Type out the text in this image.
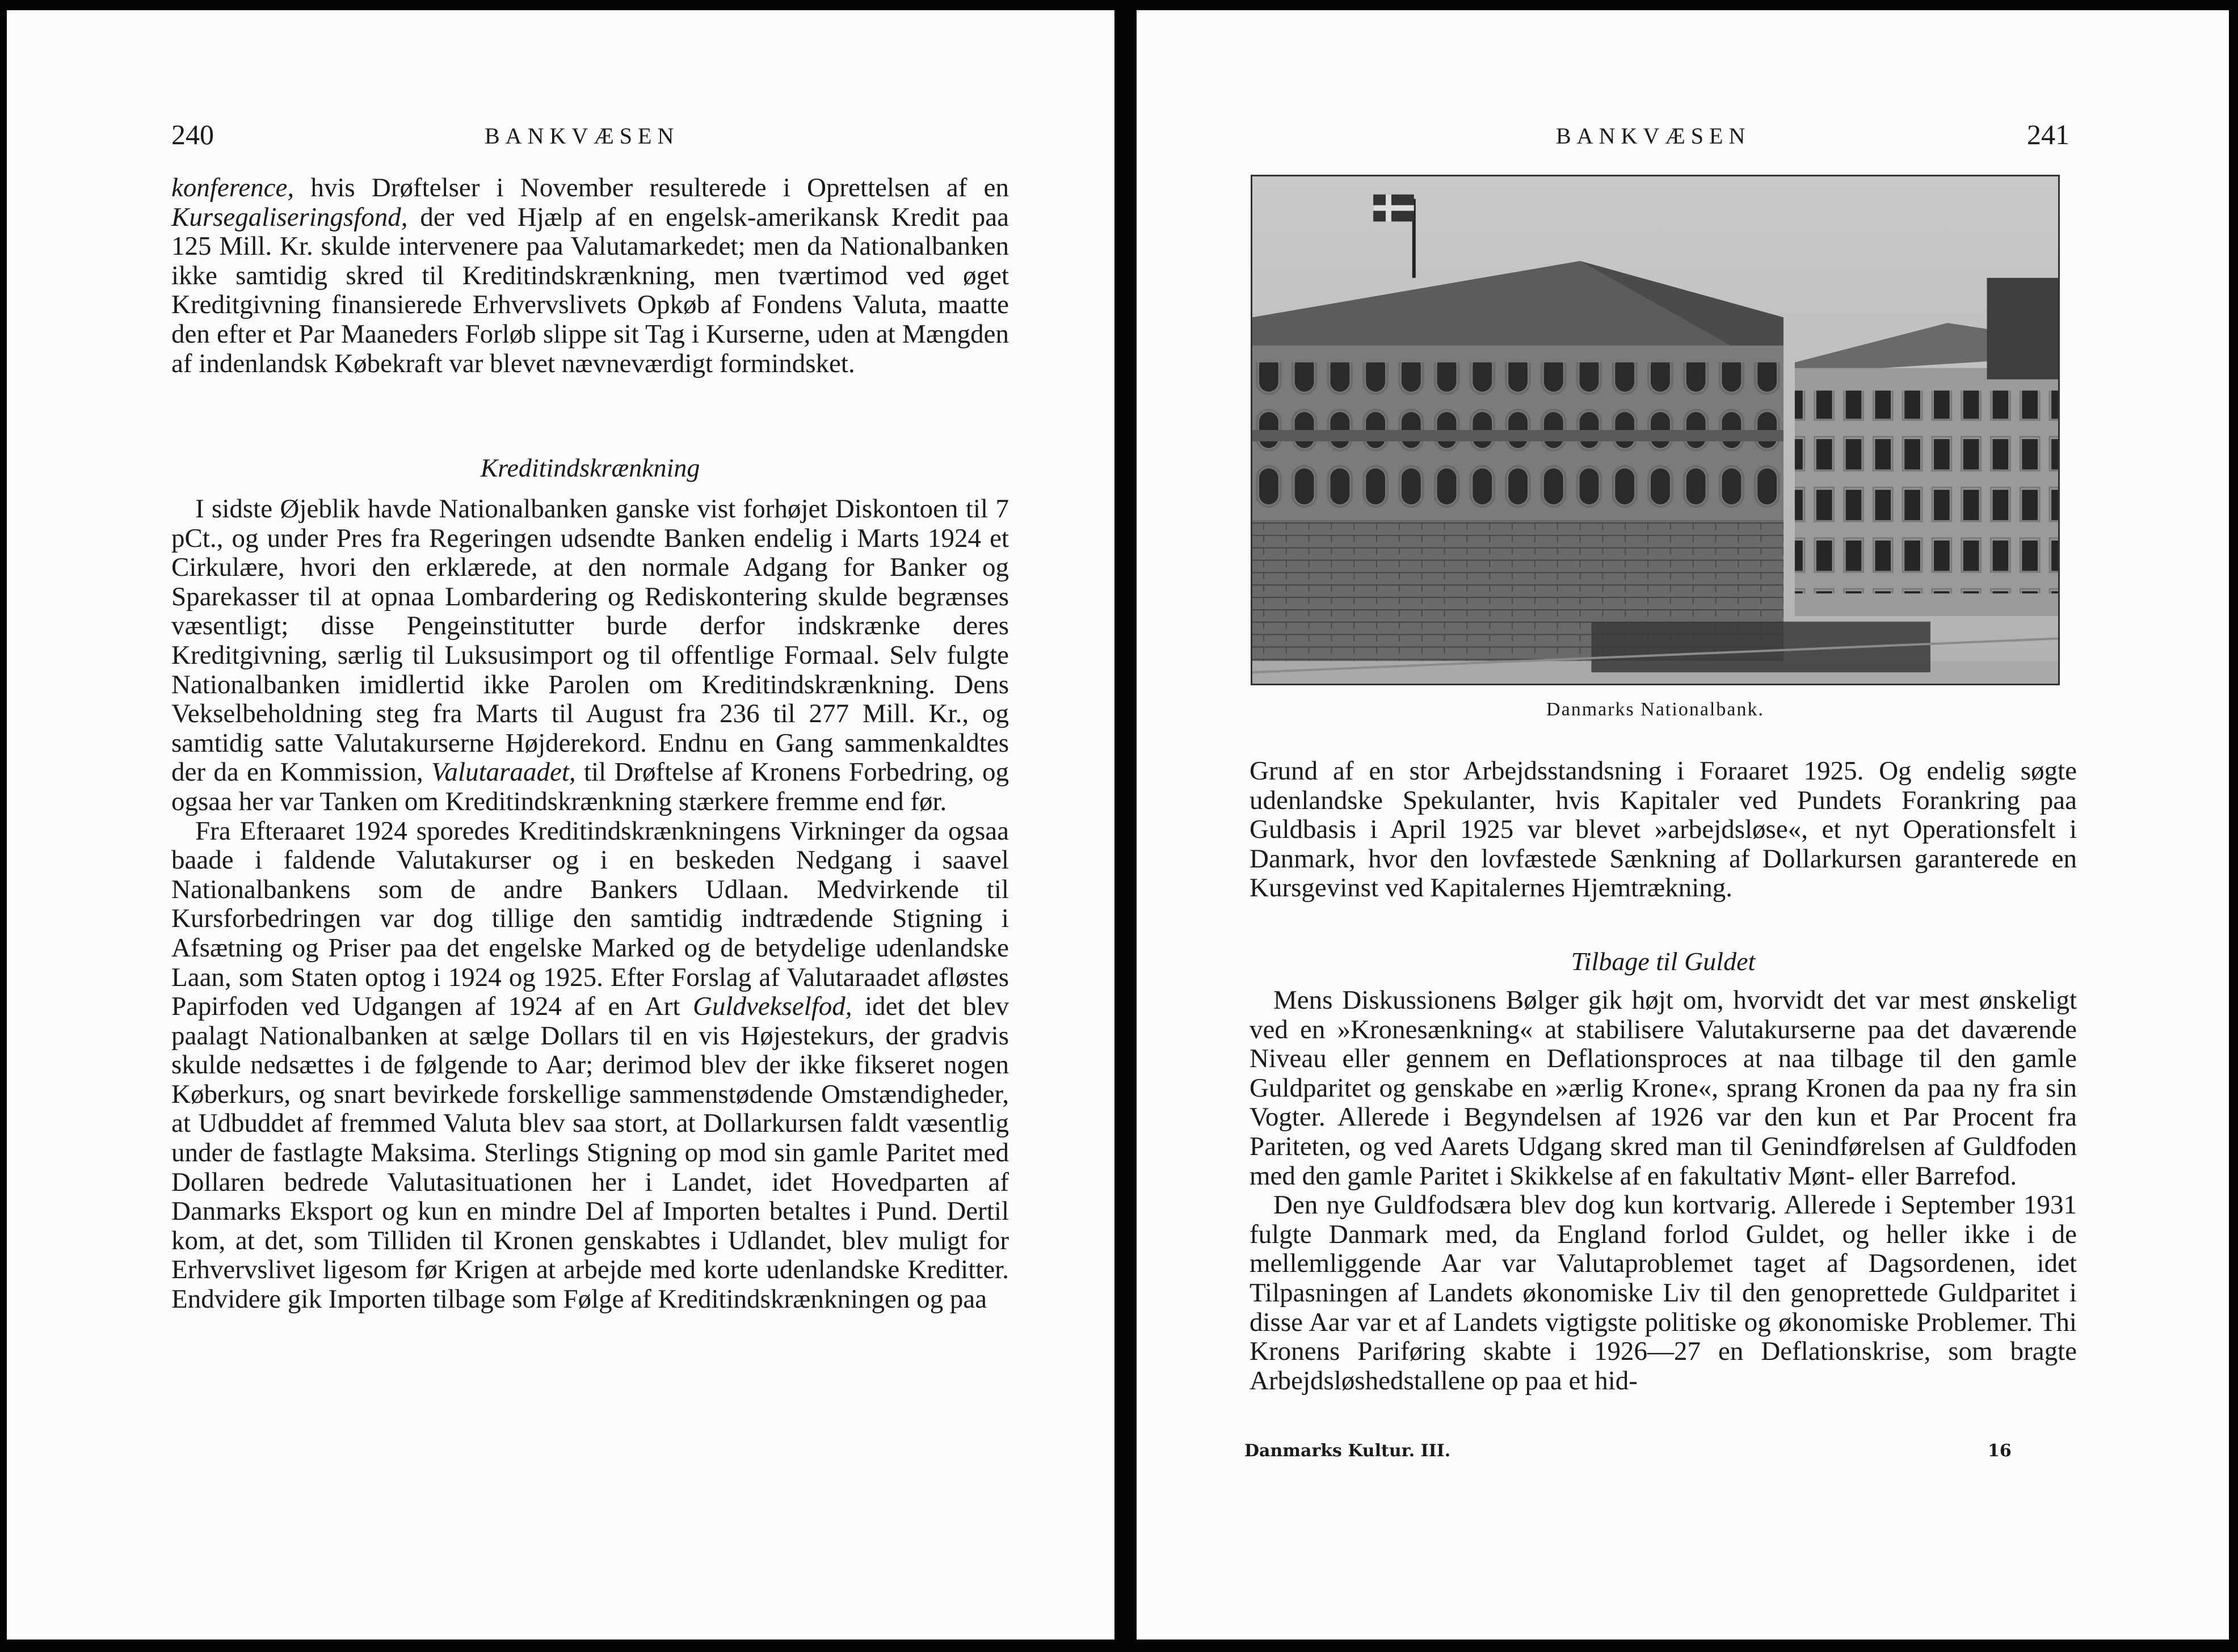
240	BANKVÆSEN

konference, hvis Drøftelser i November resulterede i Oprettelsen af en Kursegaliseringsfond, der ved Hjælp af en engelsk-amerikansk Kredit paa 125 Mill. Kr. skulde intervenere paa Valutamarkedet; men da Nationalbanken ikke samtidig skred til Kreditindskrænkning, men tværtimod ved øget Kreditgivning finansierede Erhvervslivets Opkøb af Fondens Valuta, maatte den efter et Par Maaneders Forløb slippe sit Tag i Kurserne, uden at Mængden af indenlandsk Købekraft var blevet nævneværdigt formindsket.

Kreditindskrænkning

I sidste Øjeblik havde Nationalbanken ganske vist forhøjet Diskontoen til 7 pCt., og under Pres fra Regeringen udsendte Banken endelig i Marts 1924 et Cirkulære, hvori den erklærede, at den normale Adgang for Banker og Sparekasser til at opnaa Lombardering og Rediskontering skulde begrænses væsentligt; disse Pengeinstitutter burde derfor indskrænke deres Kreditgivning, særlig til Luksusimport og til offentlige Formaal. Selv fulgte Nationalbanken imidlertid ikke Parolen om Kreditindskrænkning. Dens Vekselbeholdning steg fra Marts til August fra 236 til 277 Mill. Kr., og samtidig satte Valutakurserne Højderekord. Endnu en Gang sammenkaldtes der da en Kommission, Valutaraadet, til Drøftelse af Kronens Forbedring, og ogsaa her var Tanken om Kreditindskrænkning stærkere fremme end før.

Fra Efteraaret 1924 sporedes Kreditindskrænkningens Virkninger da ogsaa baade i faldende Valutakurser og i en beskeden Nedgang i saavel Nationalbankens som de andre Bankers Udlaan. Medvirkende til Kursforbedringen var dog tillige den samtidig indtrædende Stigning i Afsætning og Priser paa det engelske Marked og de betydelige udenlandske Laan, som Staten optog i 1924 og 1925. Efter Forslag af Valutaraadet afløstes Papirfoden ved Udgangen af 1924 af en Art Guldvekselfod, idet det blev paalagt Nationalbanken at sælge Dollars til en vis Højestekurs, der gradvis skulde nedsættes i de følgende to Aar; derimod blev der ikke fikseret nogen Køberkurs, og snart bevirkede forskellige sammenstødende Omstændigheder, at Udbuddet af fremmed Valuta blev saa stort, at Dollarkursen faldt væsentlig under de fastlagte Maksima. Sterlings Stigning op mod sin gamle Paritet med Dollaren bedrede Valutasituationen her i Landet, idet Hovedparten af Danmarks Eksport og kun en mindre Del af Importen betaltes i Pund. Dertil kom, at det, som Tilliden til Kronen genskabtes i Udlandet, blev muligt for Erhvervslivet ligesom før Krigen at arbejde med korte udenlandske Kreditter. Endvidere gik Importen tilbage som Følge af Kreditindskrænkningen og paa

BANKVÆSEN	241
Danmarks Nationalbank.

Grund af en stor Arbejdsstandsning i Foraaret 1925. Og endelig søgte udenlandske Spekulanter, hvis Kapitaler ved Pundets Forankring paa Guldbasis i April 1925 var blevet »arbejdsløse«, et nyt Operationsfelt i Danmark, hvor den lovfæstede Sænkning af Dollarkursen garanterede en Kursgevinst ved Kapitalernes Hjemtrækning.

Tilbage til Guldet

Mens Diskussionens Bølger gik højt om, hvorvidt det var mest ønskeligt ved en »Kronesænkning« at stabilisere Valutakurserne paa det daværende Niveau eller gennem en Deflationsproces at naa tilbage til den gamle Guldparitet og genskabe en »ærlig Krone«, sprang Kronen da paa ny fra sin Vogter. Allerede i Begyndelsen af 1926 var den kun et Par Procent fra Pariteten, og ved Aarets Udgang skred man til Genindførelsen af Guldfoden med den gamle Paritet i Skikkelse af en fakultativ Mønt- eller Barrefod.

Den nye Guldfodsæra blev dog kun kortvarig. Allerede i September 1931 fulgte Danmark med, da England forlod Guldet, og heller ikke i de mellemliggende Aar var Valutaproblemet taget af Dagsordenen, idet Tilpasningen af Landets økonomiske Liv til den genoprettede Guldparitet i disse Aar var et af Landets vigtigste politiske og økonomiske Problemer. Thi Kronens Pariføring skabte i 1926—27 en Deflationskrise, som bragte Arbejdsløshedstallene op paa et hid-

Danmarks Kultur. III.	16
